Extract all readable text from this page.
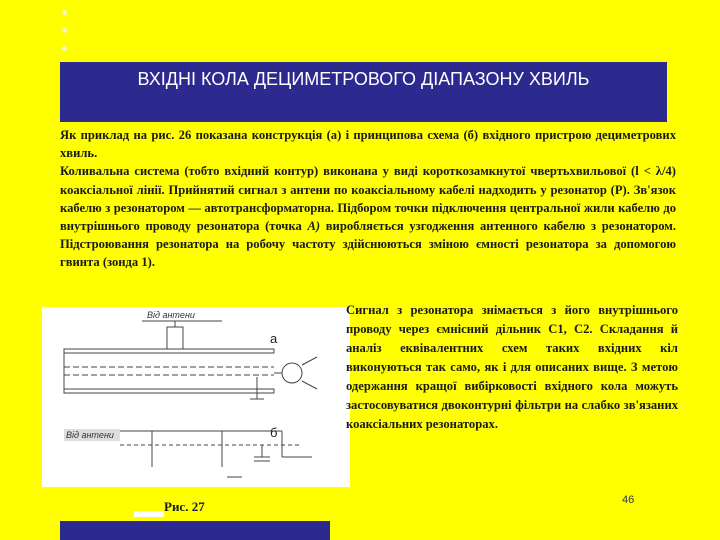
ВХІДНІ КОЛА ДЕЦИМЕТРОВОГО ДІАПАЗОНУ ХВИЛЬ

Як приклад на рис. 26 показана конструкція (а) і принципова схема (б) вхідного пристрою дециметрових хвиль.

Коливальна система (тобто вхідний контур) виконана у виді короткозамкнутої чвертьхвильової (l < λ/4) коаксіальної лінії. Прийнятий сигнал з антени по коаксіальному кабелі надходить у резонатор (Р). Зв'язок кабелю з резонатором — автотрансформаторна. Підбором точки підключення центральної жили кабелю до внутрішнього проводу резонатора (точка А) виробляється узгодження антенного кабелю з резонатором. Підстроювання резонатора на робочу частоту здійснюються зміною ємності резонатора за допомогою гвинта (зонда 1).

Від антени
а
Від антени	б

Сигнал з резонатора знімається з його внутрішнього проводу через ємнісний дільник С1, С2. Складання й аналіз еквівалентних схем таких вхідних кіл виконуються так само, як і для описаних вище. З метою одержання кращої вибірковості вхідного кола можуть застосовуватися двоконтурні фільтри на слабко зв'язаних коаксіальних резонаторах.

Рис. 27	46
